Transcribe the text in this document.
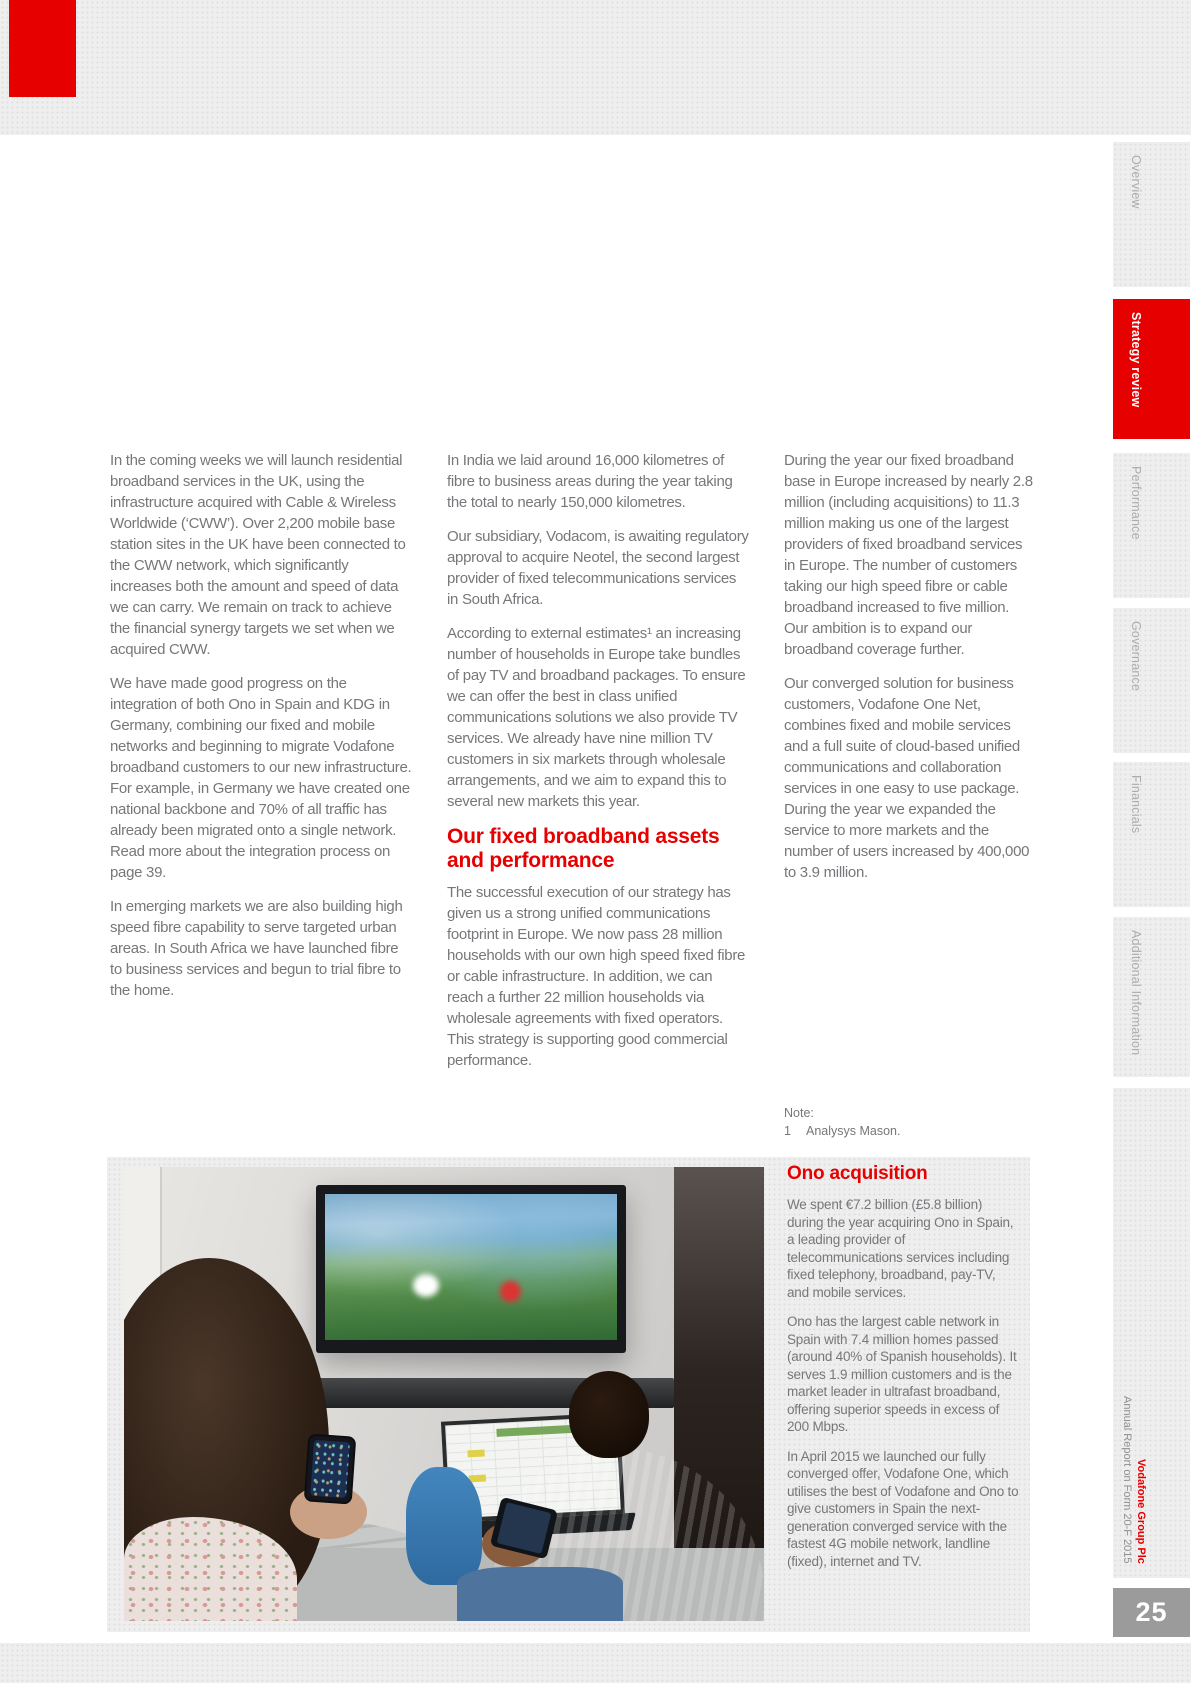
Overview
Strategy review
Performance
Governance
Financials
Additional Information
Annual Report on Form 20-F 2015 Vodafone Group Plc
25

In the coming weeks we will launch residential broadband services in the UK, using the infrastructure acquired with Cable & Wireless Worldwide (‘CWW’). Over 2,200 mobile base station sites in the UK have been connected to the CWW network, which significantly increases both the amount and speed of data we can carry. We remain on track to achieve the financial synergy targets we set when we acquired CWW.

We have made good progress on the integration of both Ono in Spain and KDG in Germany, combining our fixed and mobile networks and beginning to migrate Vodafone broadband customers to our new infrastructure. For example, in Germany we have created one national backbone and 70% of all traffic has already been migrated onto a single network. Read more about the integration process on page 39.

In emerging markets we are also building high speed fibre capability to serve targeted urban areas. In South Africa we have launched fibre to business services and begun to trial fibre to the home.

In India we laid around 16,000 kilometres of fibre to business areas during the year taking the total to nearly 150,000 kilometres.

Our subsidiary, Vodacom, is awaiting regulatory approval to acquire Neotel, the second largest provider of fixed telecommunications services in South Africa.

According to external estimates¹ an increasing number of households in Europe take bundles of pay TV and broadband packages. To ensure we can offer the best in class unified communications solutions we also provide TV services. We already have nine million TV customers in six markets through wholesale arrangements, and we aim to expand this to several new markets this year.

Our fixed broadband assets and performance

The successful execution of our strategy has given us a strong unified communications footprint in Europe. We now pass 28 million households with our own high speed fixed fibre or cable infrastructure. In addition, we can reach a further 22 million households via wholesale agreements with fixed operators. This strategy is supporting good commercial performance.

During the year our fixed broadband base in Europe increased by nearly 2.8 million (including acquisitions) to 11.3 million making us one of the largest providers of fixed broadband services in Europe. The number of customers taking our high speed fibre or cable broadband increased to five million. Our ambition is to expand our broadband coverage further.

Our converged solution for business customers, Vodafone One Net, combines fixed and mobile services and a full suite of cloud-based unified communications and collaboration services in one easy to use package. During the year we expanded the service to more markets and the number of users increased by 400,000 to 3.9 million.

Note:
1 Analysys Mason.
Ono acquisition

We spent €7.2 billion (£5.8 billion) during the year acquiring Ono in Spain, a leading provider of telecommunications services including fixed telephony, broadband, pay-TV, and mobile services.

Ono has the largest cable network in Spain with 7.4 million homes passed (around 40% of Spanish households). It serves 1.9 million customers and is the market leader in ultrafast broadband, offering superior speeds in excess of 200 Mbps.

In April 2015 we launched our fully converged offer, Vodafone One, which utilises the best of Vodafone and Ono to give customers in Spain the next-generation converged service with the fastest 4G mobile network, landline (fixed), internet and TV.
